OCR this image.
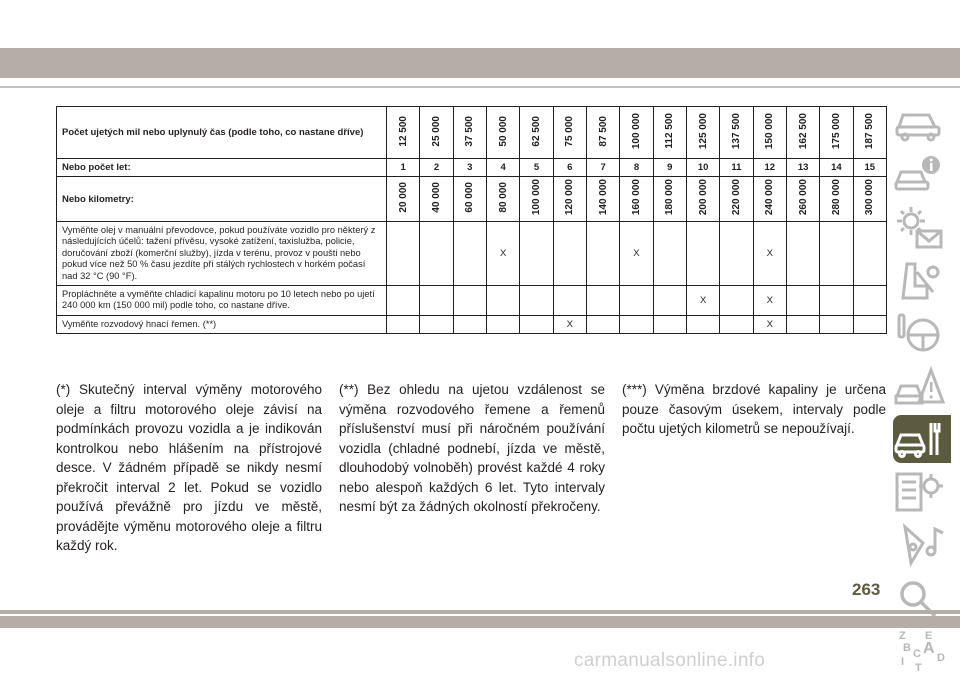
Počet ujetých mil nebo uplynulý čas (podle toho, co nastane dříve)	12 500	25 000	37 500	50 000	62 500	75 000	87 500	100 000	112 500	125 000	137 500	150 000	162 500	175 000	187 500
Nebo počet let:	1	2	3	4	5	6	7	8	9	10	11	12	13	14	15
Nebo kilometry:	20 000	40 000	60 000	80 000	100 000	120 000	140 000	160 000	180 000	200 000	220 000	240 000	260 000	280 000	300 000
Vyměňte olej v manuální převodovce, pokud používáte vozidlo pro některý z následujících účelů: tažení přívěsu, vysoké zatížení, taxislužba, policie, doručování zboží (komerční služby), jízda v terénu, provoz v poušti nebo pokud více než 50 % času jezdíte při stálých rychlostech v horkém počasí nad 32 °C (90 °F).				X				X				X			
Propláchněte a vyměňte chladicí kapalinu motoru po 10 letech nebo po ujetí 240 000 km (150 000 mil) podle toho, co nastane dříve.										X		X			
Vyměňte rozvodový hnací řemen. (**)						X						X			
(*) Skutečný interval výměny motorového oleje a filtru motorového oleje závisí na podmínkách provozu vozidla a je indikován kontrolkou nebo hlášením na přístrojové desce. V žádném případě se nikdy nesmí překročit interval 2 let. Pokud se vozidlo používá převážně pro jízdu ve městě, provádějte výměnu motorového oleje a filtru každý rok.
(**) Bez ohledu na ujetou vzdálenost se výměna rozvodového řemene a řemenů příslušenství musí při náročném používání vozidla (chladné podnebí, jízda ve městě, dlouhodobý volnoběh) provést každé 4 roky nebo alespoň každých 6 let. Tyto intervaly nesmí být za žádných okolností překročeny.
(***) Výměna brzdové kapaliny je určena pouze časovým úsekem, intervaly podle počtu ujetých kilometrů se nepoužívají.
Z E
B A
C D
I T
263
carmanualsonline.info
